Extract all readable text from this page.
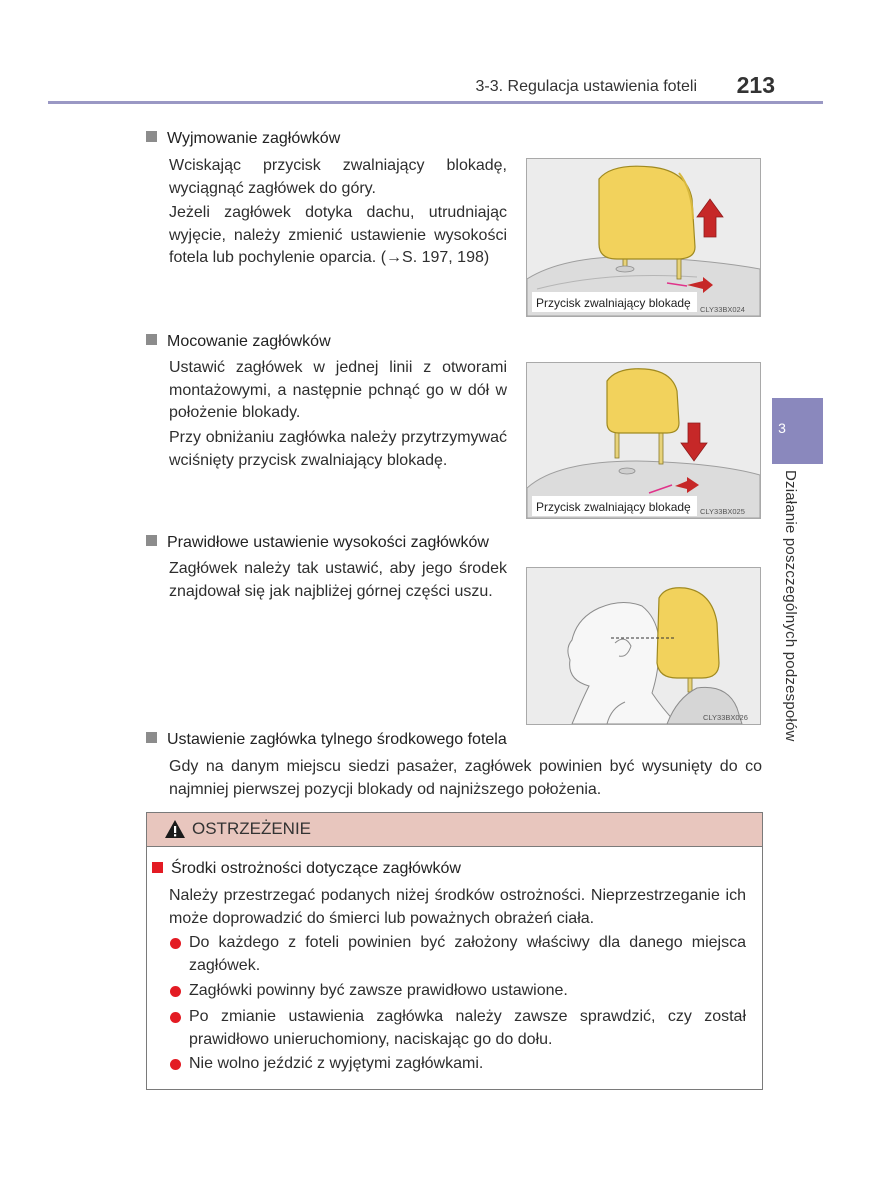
3-3. Regulacja ustawienia foteli	213
3
Działanie poszczególnych podzespołów
Wyjmowanie zagłówków
Wciskając przycisk zwalniający blokadę, wyciągnąć zagłówek do góry.
Jeżeli zagłówek dotyka dachu, utrudniając wyjęcie, należy zmienić ustawienie wysokości fotela lub pochylenie oparcia. (→S. 197, 198)
Przycisk zwalniający blokadę CLY33BX024
Mocowanie zagłówków
Ustawić zagłówek w jednej linii z otworami montażowymi, a następnie pchnąć go w dół w położenie blokady.
Przy obniżaniu zagłówka należy przytrzymywać wciśnięty przycisk zwalniający blokadę.
Przycisk zwalniający blokadę CLY33BX025
Prawidłowe ustawienie wysokości zagłówków
Zagłówek należy tak ustawić, aby jego środek znajdował się jak najbliżej górnej części uszu.
CLY33BX026
Ustawienie zagłówka tylnego środkowego fotela
Gdy na danym miejscu siedzi pasażer, zagłówek powinien być wysunięty do co najmniej pierwszej pozycji blokady od najniższego położenia.
OSTRZEŻENIE
Środki ostrożności dotyczące zagłówków
Należy przestrzegać podanych niżej środków ostrożności. Nieprzestrzeganie ich może doprowadzić do śmierci lub poważnych obrażeń ciała.
Do każdego z foteli powinien być założony właściwy dla danego miejsca zagłówek.
Zagłówki powinny być zawsze prawidłowo ustawione.
Po zmianie ustawienia zagłówka należy zawsze sprawdzić, czy został prawidłowo unieruchomiony, naciskając go do dołu.
Nie wolno jeździć z wyjętymi zagłówkami.
